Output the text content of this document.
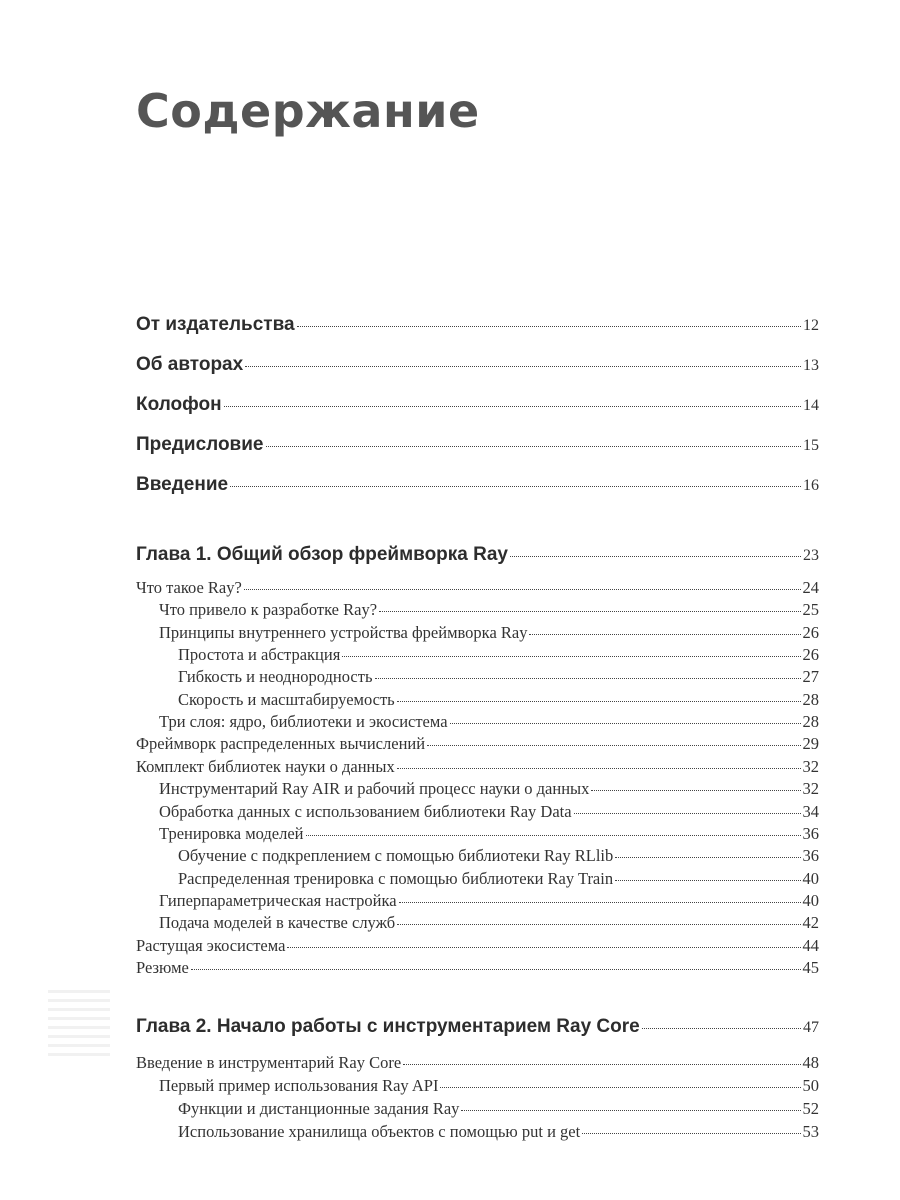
Содержание
От издательства	12
Об авторах	13
Колофон	14
Предисловие	15
Введение	16
Глава 1. Общий обзор фреймворка Ray	23
Что такое Ray?	24
Что привело к разработке Ray?	25
Принципы внутреннего устройства фреймворка Ray	26
Простота и абстракция	26
Гибкость и неоднородность	27
Скорость и масштабируемость	28
Три слоя: ядро, библиотеки и экосистема	28
Фреймворк распределенных вычислений	29
Комплект библиотек науки о данных	32
Инструментарий Ray AIR и рабочий процесс науки о данных	32
Обработка данных с использованием библиотеки Ray Data	34
Тренировка моделей	36
Обучение с подкреплением с помощью библиотеки Ray RLlib	36
Распределенная тренировка с помощью библиотеки Ray Train	40
Гиперпараметрическая настройка	40
Подача моделей в качестве служб	42
Растущая экосистема	44
Резюме	45
Глава 2. Начало работы с инструментарием Ray Core	47
Введение в инструментарий Ray Core	48
Первый пример использования Ray API	50
Функции и дистанционные задания Ray	52
Использование хранилища объектов с помощью put и get	53
